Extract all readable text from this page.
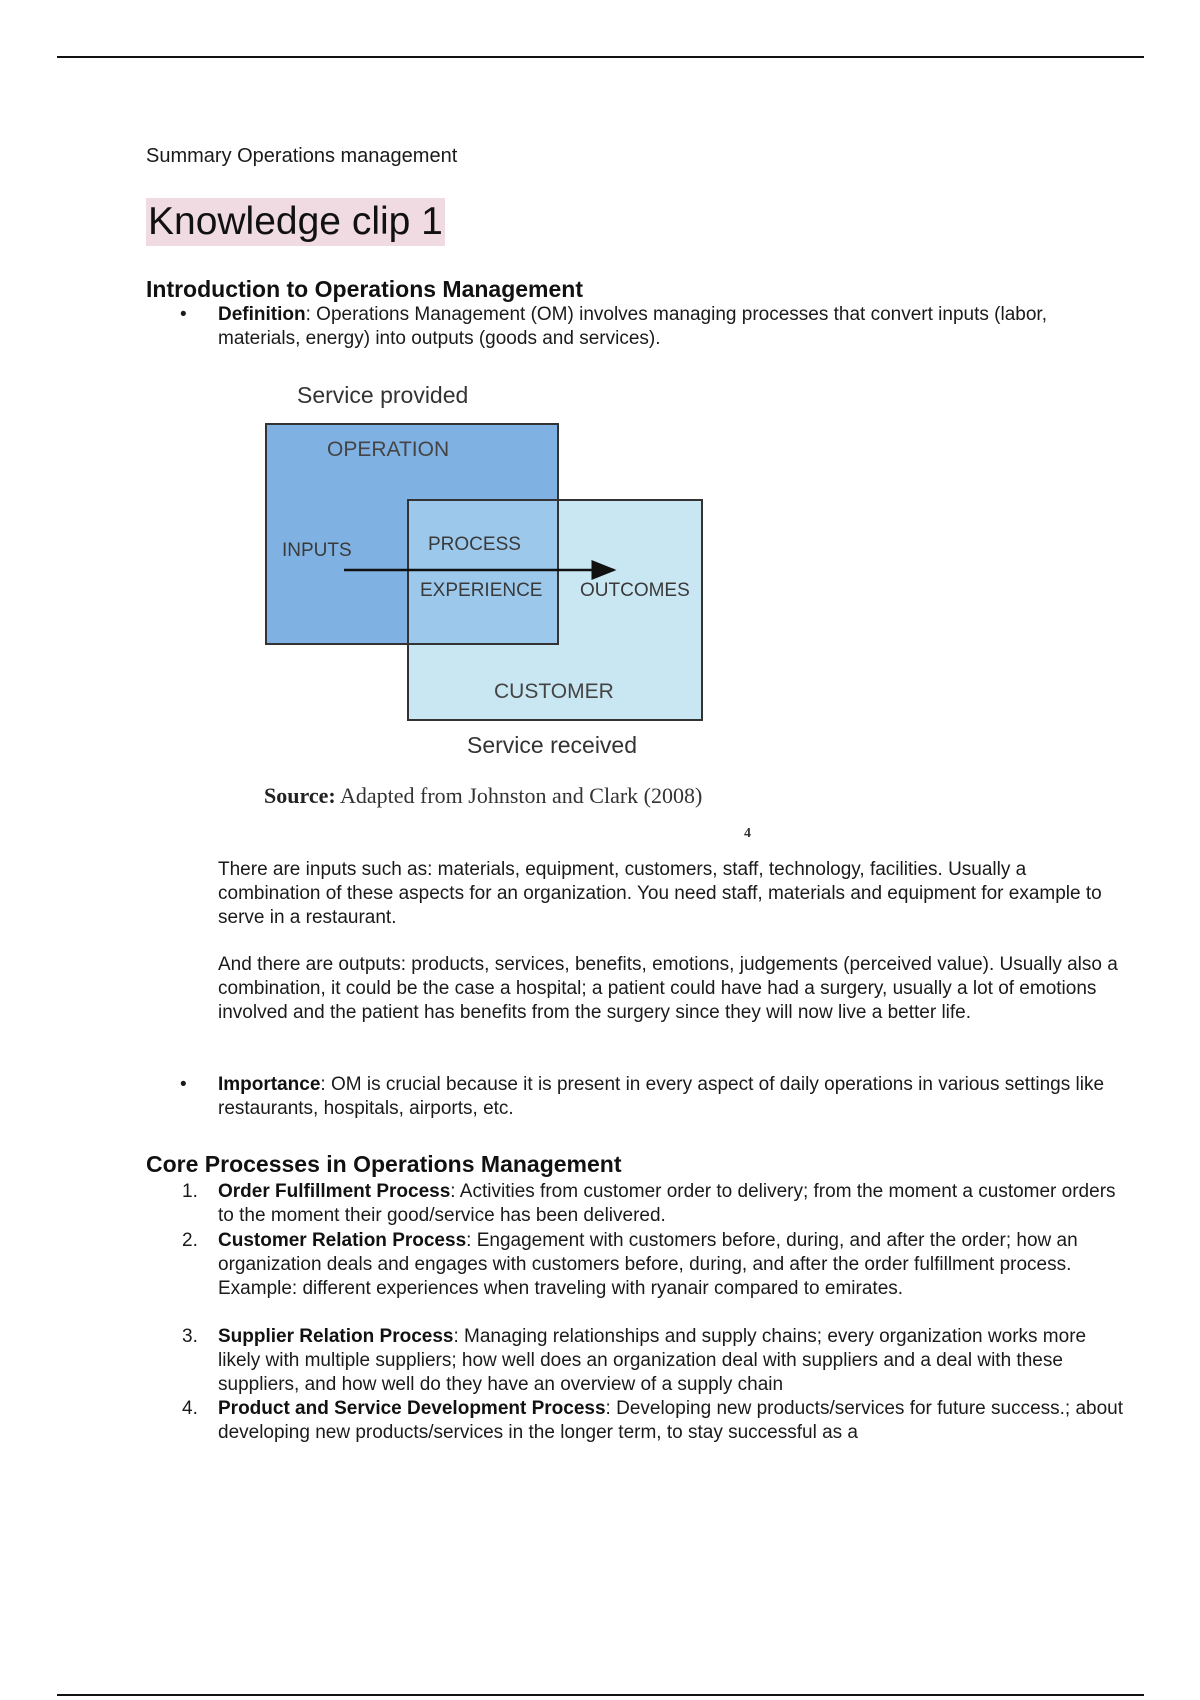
Summary Operations management
Knowledge clip 1
Introduction to Operations Management
• Definition: Operations Management (OM) involves managing processes that convert inputs (labor, materials, energy) into outputs (goods and services).
Service provided
OPERATION
INPUTS	PROCESS
EXPERIENCE OUTCOMES
CUSTOMER
Service received
Source: Adapted from Johnston and Clark (2008)
4
There are inputs such as: materials, equipment, customers, staff, technology, facilities. Usually a combination of these aspects for an organization. You need staff, materials and equipment for example to serve in a restaurant.
And there are outputs: products, services, benefits, emotions, judgements (perceived value). Usually also a combination, it could be the case a hospital; a patient could have had a surgery, usually a lot of emotions involved and the patient has benefits from the surgery since they will now live a better life.
• Importance: OM is crucial because it is present in every aspect of daily operations in various settings like restaurants, hospitals, airports, etc.
Core Processes in Operations Management
1. Order Fulfillment Process: Activities from customer order to delivery; from the moment a customer orders to the moment their good/service has been delivered.
2. Customer Relation Process: Engagement with customers before, during, and after the order; how an organization deals and engages with customers before, during, and after the order fulfillment process. Example: different experiences when traveling with ryanair compared to emirates.
3. Supplier Relation Process: Managing relationships and supply chains; every organization works more likely with multiple suppliers; how well does an organization deal with suppliers and a deal with these suppliers, and how well do they have an overview of a supply chain
4. Product and Service Development Process: Developing new products/services for future success.; about developing new products/services in the longer term, to stay successful as a
